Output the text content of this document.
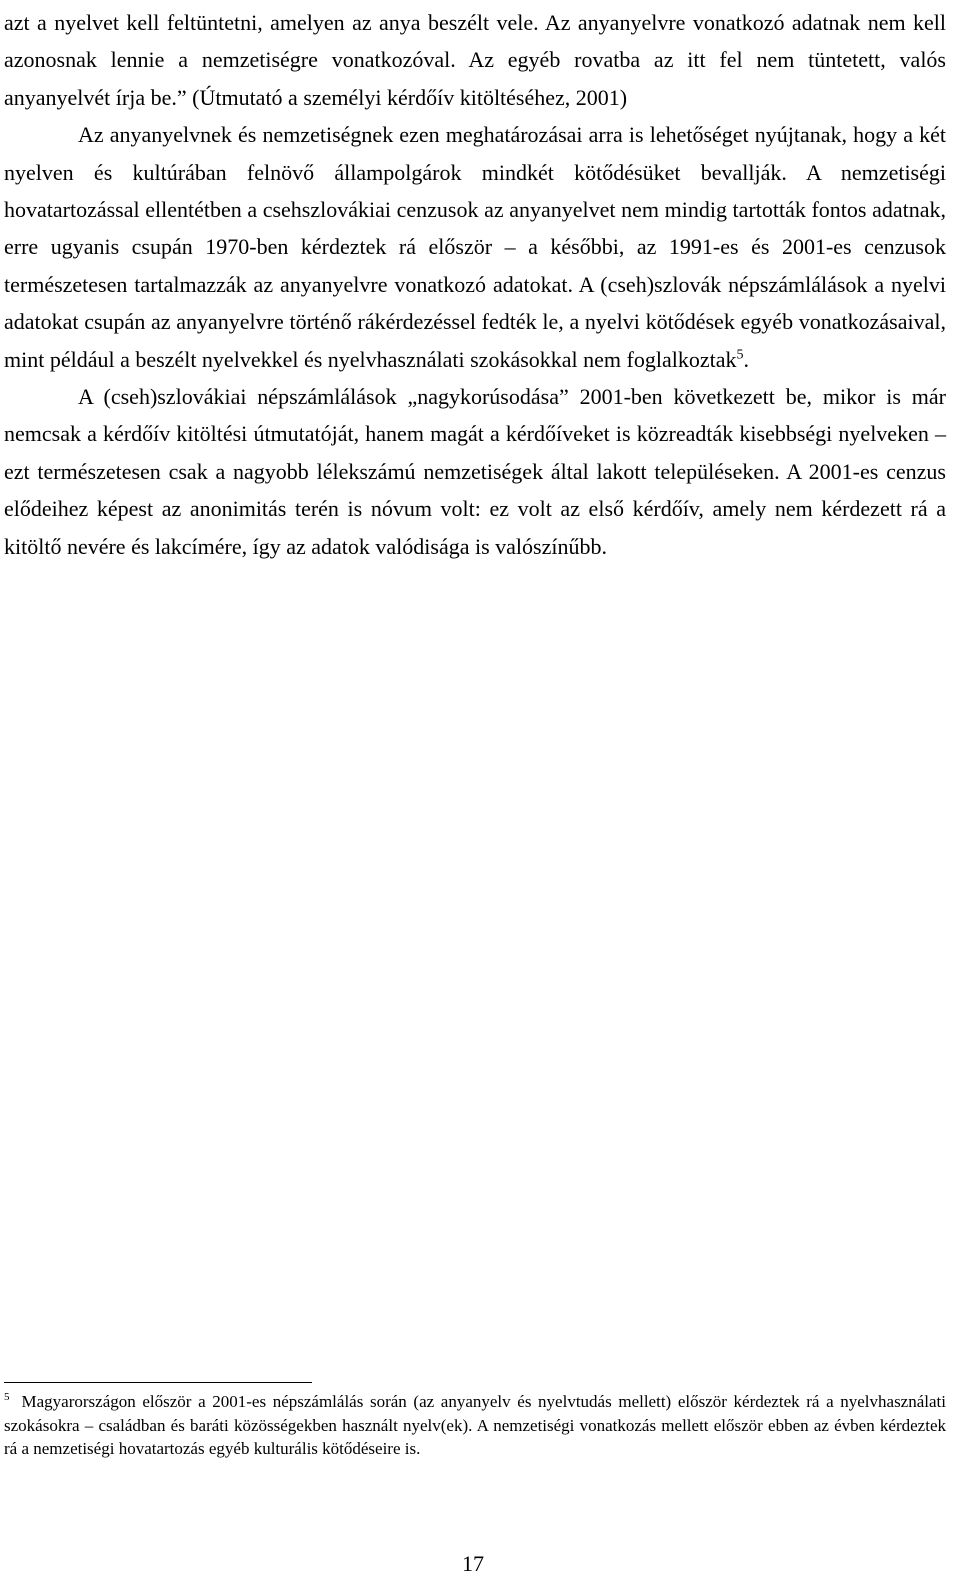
azt a nyelvet kell feltüntetni, amelyen az anya beszélt vele. Az anyanyelvre vonatkozó adatnak nem kell azonosnak lennie a nemzetiségre vonatkozóval. Az egyéb rovatba az itt fel nem tüntetett, valós anyanyelvét írja be.” (Útmutató a személyi kérdőív kitöltéséhez, 2001)

Az anyanyelvnek és nemzetiségnek ezen meghatározásai arra is lehetőséget nyújtanak, hogy a két nyelven és kultúrában felnövő állampolgárok mindkét kötődésüket bevallják. A nemzetiségi hovatartozással ellentétben a csehszlovákiai cenzusok az anyanyelvet nem mindig tartották fontos adatnak, erre ugyanis csupán 1970-ben kérdeztek rá először – a későbbi, az 1991-es és 2001-es cenzusok természetesen tartalmazzák az anyanyelvre vonatkozó adatokat. A (cseh)szlovák népszámlálások a nyelvi adatokat csupán az anyanyelvre történő rákérdezéssel fedték le, a nyelvi kötődések egyéb vonatkozásaival, mint például a beszélt nyelvekkel és nyelvhasználati szokásokkal nem foglalkoztak$^5$.

A (cseh)szlovákiai népszámlálások „nagykorúsodása” 2001-ben következett be, mikor is már nemcsak a kérdőív kitöltési útmutatóját, hanem magát a kérdőíveket is közreadták kisebbségi nyelveken – ezt természetesen csak a nagyobb lélekszámú nemzetiségek által lakott településeken. A 2001-es cenzus elődeihez képest az anonimitás terén is nóvum volt: ez volt az első kérdőív, amely nem kérdezett rá a kitöltő nevére és lakcímére, így az adatok valódisága is valószínűbb.

$^5$ Magyarországon először a 2001-es népszámlálás során (az anyanyelv és nyelvtudás mellett) először kérdeztek rá a nyelvhasználati szokásokra – családban és baráti közösségekben használt nyelv(ek). A nemzetiségi vonatkozás mellett először ebben az évben kérdeztek rá a nemzetiségi hovatartozás egyéb kulturális kötődéseire is.
17
